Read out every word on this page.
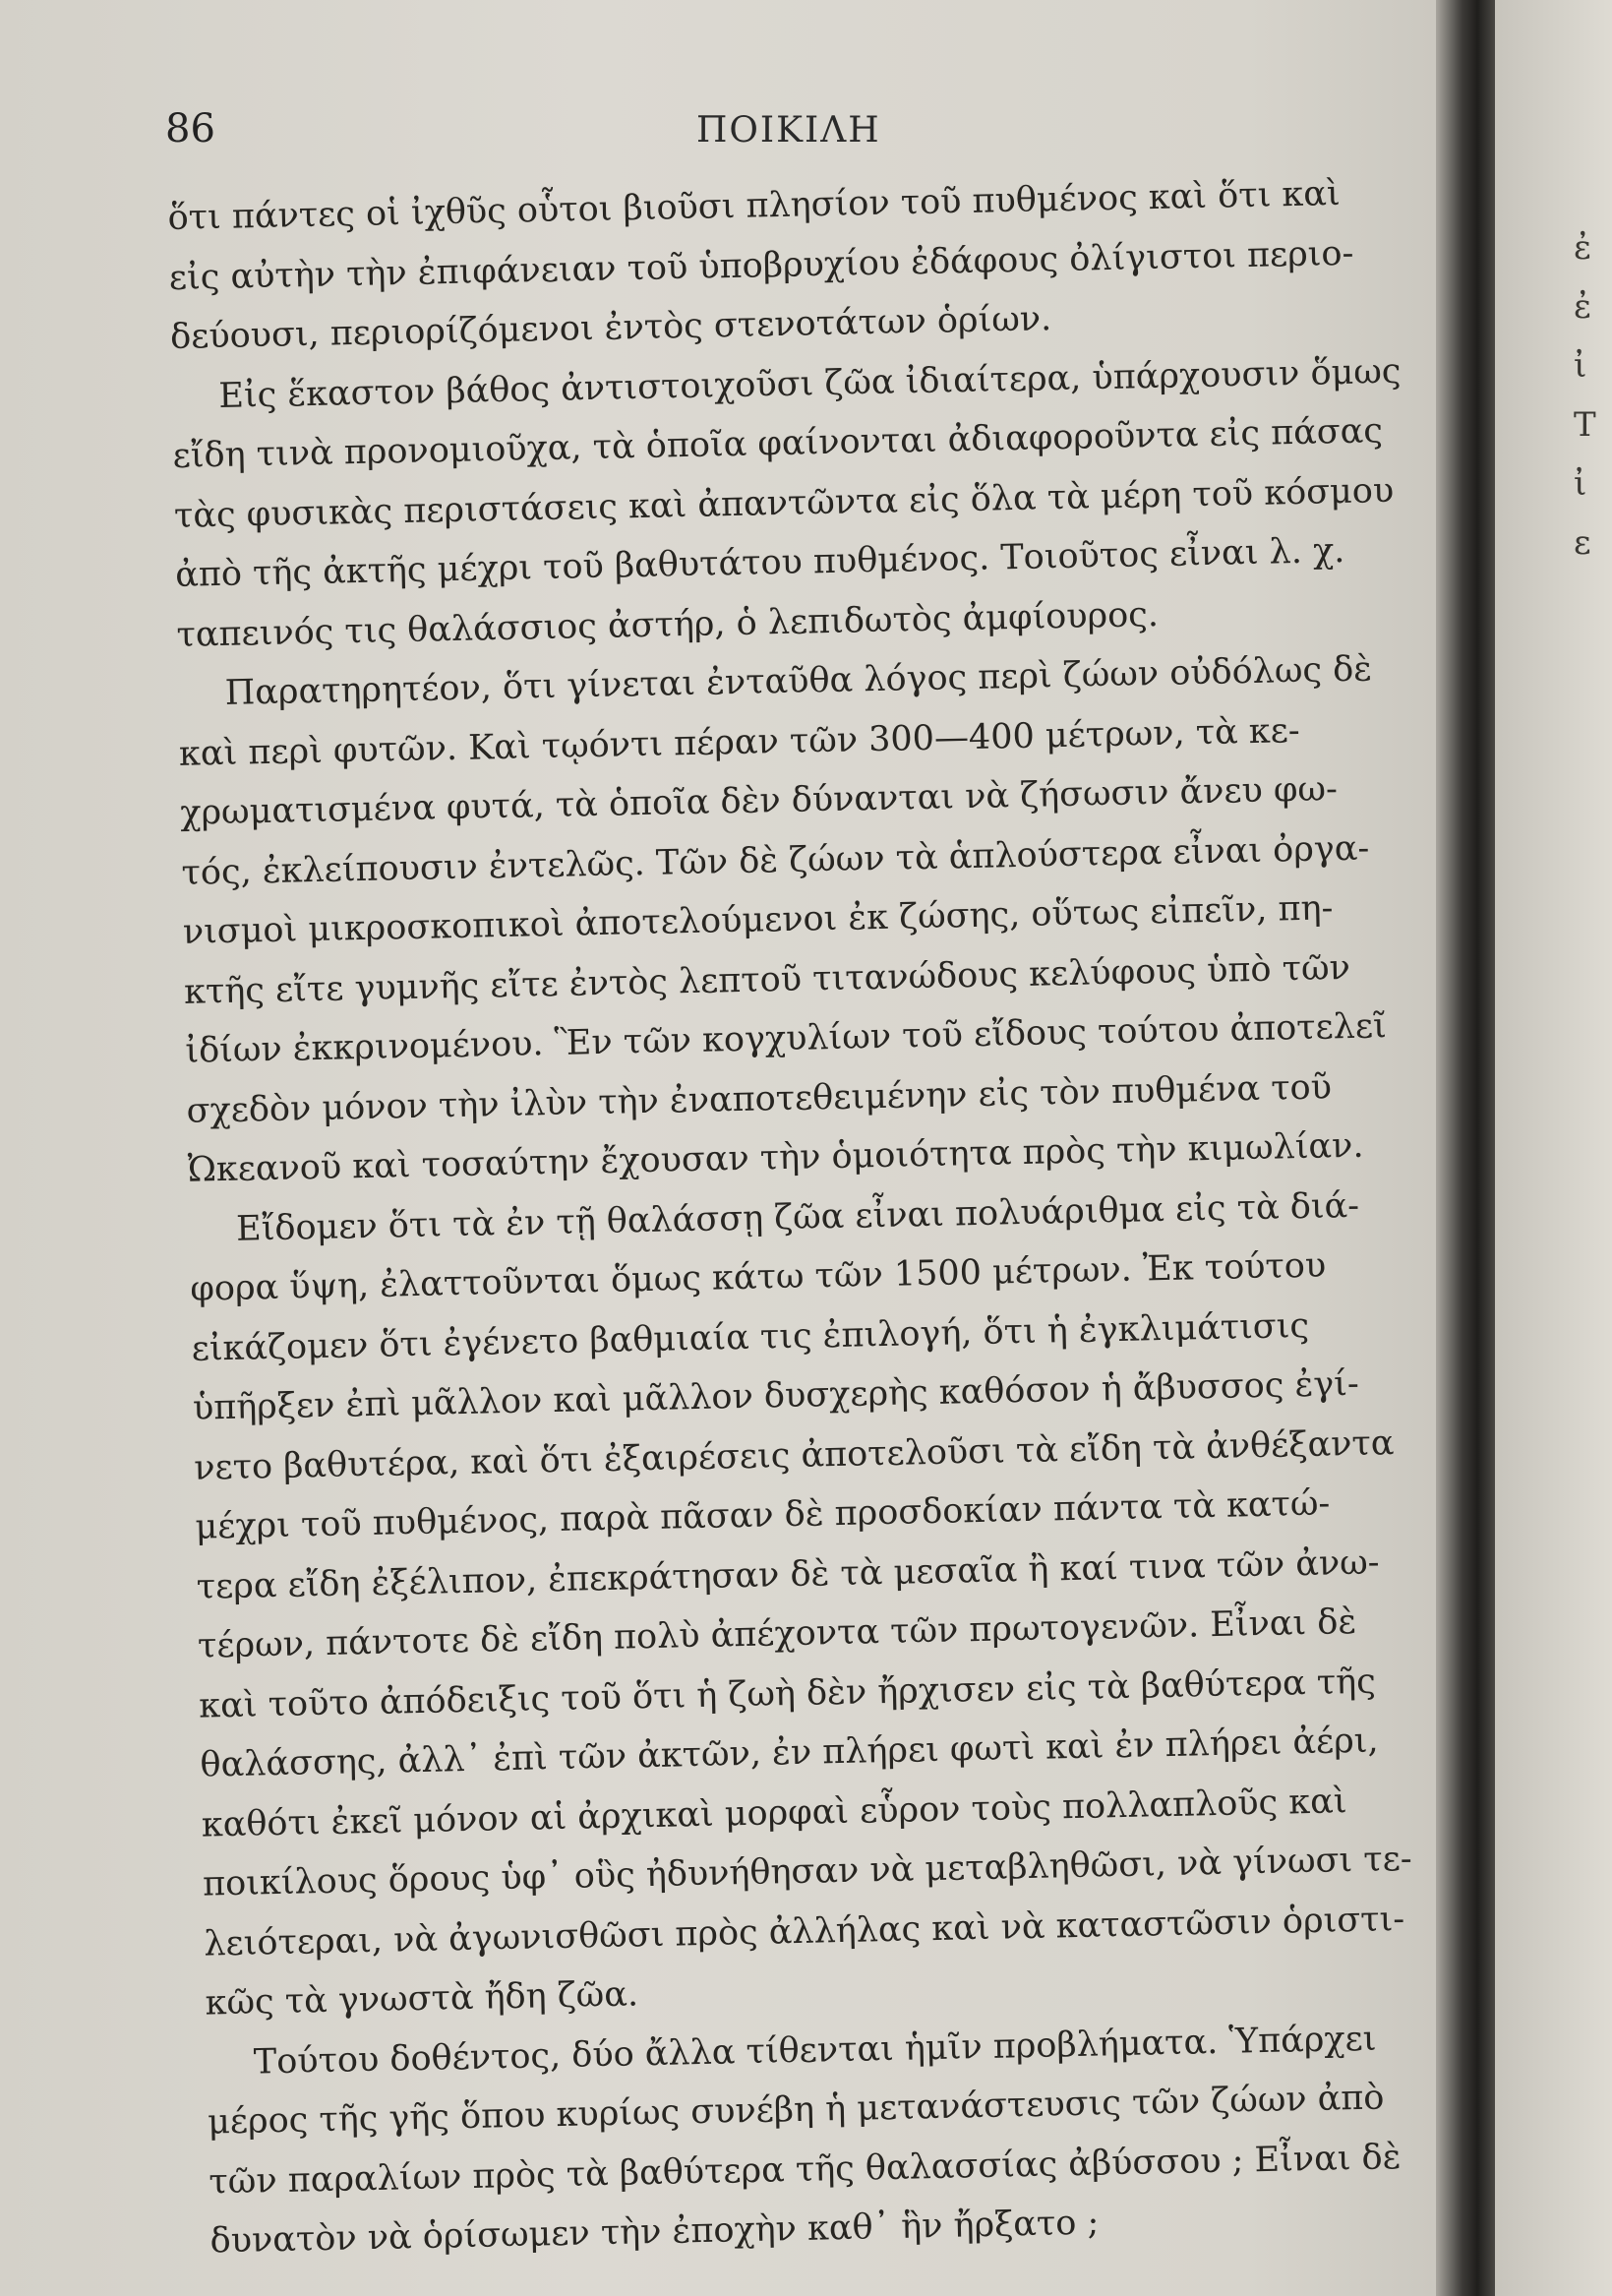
ἐ
ἐ
ἰ
Τ
ἰ
ε
86	ΠΟΙΚΙΛΗ
ὅτι πάντες οἱ ἰχθῦς οὗτοι βιοῦσι πλησίον τοῦ πυθμένος καὶ ὅτι καὶ
εἰς αὐτὴν τὴν ἐπιφάνειαν τοῦ ὑποβρυχίου ἐδάφους ὀλίγιστοι περιο-
δεύουσι, περιορίζόμενοι ἐντὸς στενοτάτων ὁρίων.
Εἰς ἕκαστον βάθος ἀντιστοιχοῦσι ζῶα ἰδιαίτερα, ὑπάρχουσιν ὅμως
εἴδη τινὰ προνομιοῦχα, τὰ ὁποῖα φαίνονται ἀδιαφοροῦντα εἰς πάσας
τὰς φυσικὰς περιστάσεις καὶ ἀπαντῶντα εἰς ὅλα τὰ μέρη τοῦ κόσμου
ἀπὸ τῆς ἀκτῆς μέχρι τοῦ βαθυτάτου πυθμένος. Τοιοῦτος εἶναι λ. χ.
ταπεινός τις θαλάσσιος ἀστήρ, ὁ λεπιδωτὸς ἀμφίουρος.
Παρατηρητέον, ὅτι γίνεται ἐνταῦθα λόγος περὶ ζώων οὐδόλως δὲ
καὶ περὶ φυτῶν. Καὶ τῳόντι πέραν τῶν 300—400 μέτρων, τὰ κε-
χρωματισμένα φυτά, τὰ ὁποῖα δὲν δύνανται νὰ ζήσωσιν ἄνευ φω-
τός, ἐκλείπουσιν ἐντελῶς. Τῶν δὲ ζώων τὰ ἁπλούστερα εἶναι ὀργα-
νισμοὶ μικροσκοπικοὶ ἀποτελούμενοι ἐκ ζώσης, οὕτως εἰπεῖν, πη-
κτῆς εἴτε γυμνῆς εἴτε ἐντὸς λεπτοῦ τιτανώδους κελύφους ὑπὸ τῶν
ἰδίων ἐκκρινομένου. Ἓν τῶν κογχυλίων τοῦ εἴδους τούτου ἀποτελεῖ
σχεδὸν μόνον τὴν ἰλὺν τὴν ἐναποτεθειμένην εἰς τὸν πυθμένα τοῦ
Ὠκεανοῦ καὶ τοσαύτην ἔχουσαν τὴν ὁμοιότητα πρὸς τὴν κιμωλίαν.
Εἴδομεν ὅτι τὰ ἐν τῇ θαλάσσῃ ζῶα εἶναι πολυάριθμα εἰς τὰ διά-
φορα ὕψη, ἐλαττοῦνται ὅμως κάτω τῶν 1500 μέτρων. Ἐκ τούτου
εἰκάζομεν ὅτι ἐγένετο βαθμιαία τις ἐπιλογή, ὅτι ἡ ἐγκλιμάτισις
ὑπῆρξεν ἐπὶ μᾶλλον καὶ μᾶλλον δυσχερὴς καθόσον ἡ ἄβυσσος ἐγί-
νετο βαθυτέρα, καὶ ὅτι ἐξαιρέσεις ἀποτελοῦσι τὰ εἴδη τὰ ἀνθέξαντα
μέχρι τοῦ πυθμένος, παρὰ πᾶσαν δὲ προσδοκίαν πάντα τὰ κατώ-
τερα εἴδη ἐξέλιπον, ἐπεκράτησαν δὲ τὰ μεσαῖα ἢ καί τινα τῶν ἀνω-
τέρων, πάντοτε δὲ εἴδη πολὺ ἀπέχοντα τῶν πρωτογενῶν. Εἶναι δὲ
καὶ τοῦτο ἀπόδειξις τοῦ ὅτι ἡ ζωὴ δὲν ἤρχισεν εἰς τὰ βαθύτερα τῆς
θαλάσσης, ἀλλ᾽ ἐπὶ τῶν ἀκτῶν, ἐν πλήρει φωτὶ καὶ ἐν πλήρει ἀέρι,
καθότι ἐκεῖ μόνον αἱ ἀρχικαὶ μορφαὶ εὗρον τοὺς πολλαπλοῦς καὶ
ποικίλους ὅρους ὑφ᾽ οὓς ἠδυνήθησαν νὰ μεταβληθῶσι, νὰ γίνωσι τε-
λειότεραι, νὰ ἀγωνισθῶσι πρὸς ἀλλήλας καὶ νὰ καταστῶσιν ὁριστι-
κῶς τὰ γνωστὰ ἤδη ζῶα.
Τούτου δοθέντος, δύο ἄλλα τίθενται ἡμῖν προβλήματα. Ὑπάρχει
μέρος τῆς γῆς ὅπου κυρίως συνέβη ἡ μετανάστευσις τῶν ζώων ἀπὸ
τῶν παραλίων πρὸς τὰ βαθύτερα τῆς θαλασσίας ἀβύσσου ; Εἶναι δὲ
δυνατὸν νὰ ὁρίσωμεν τὴν ἐποχὴν καθ᾽ ἣν ἤρξατο ;
